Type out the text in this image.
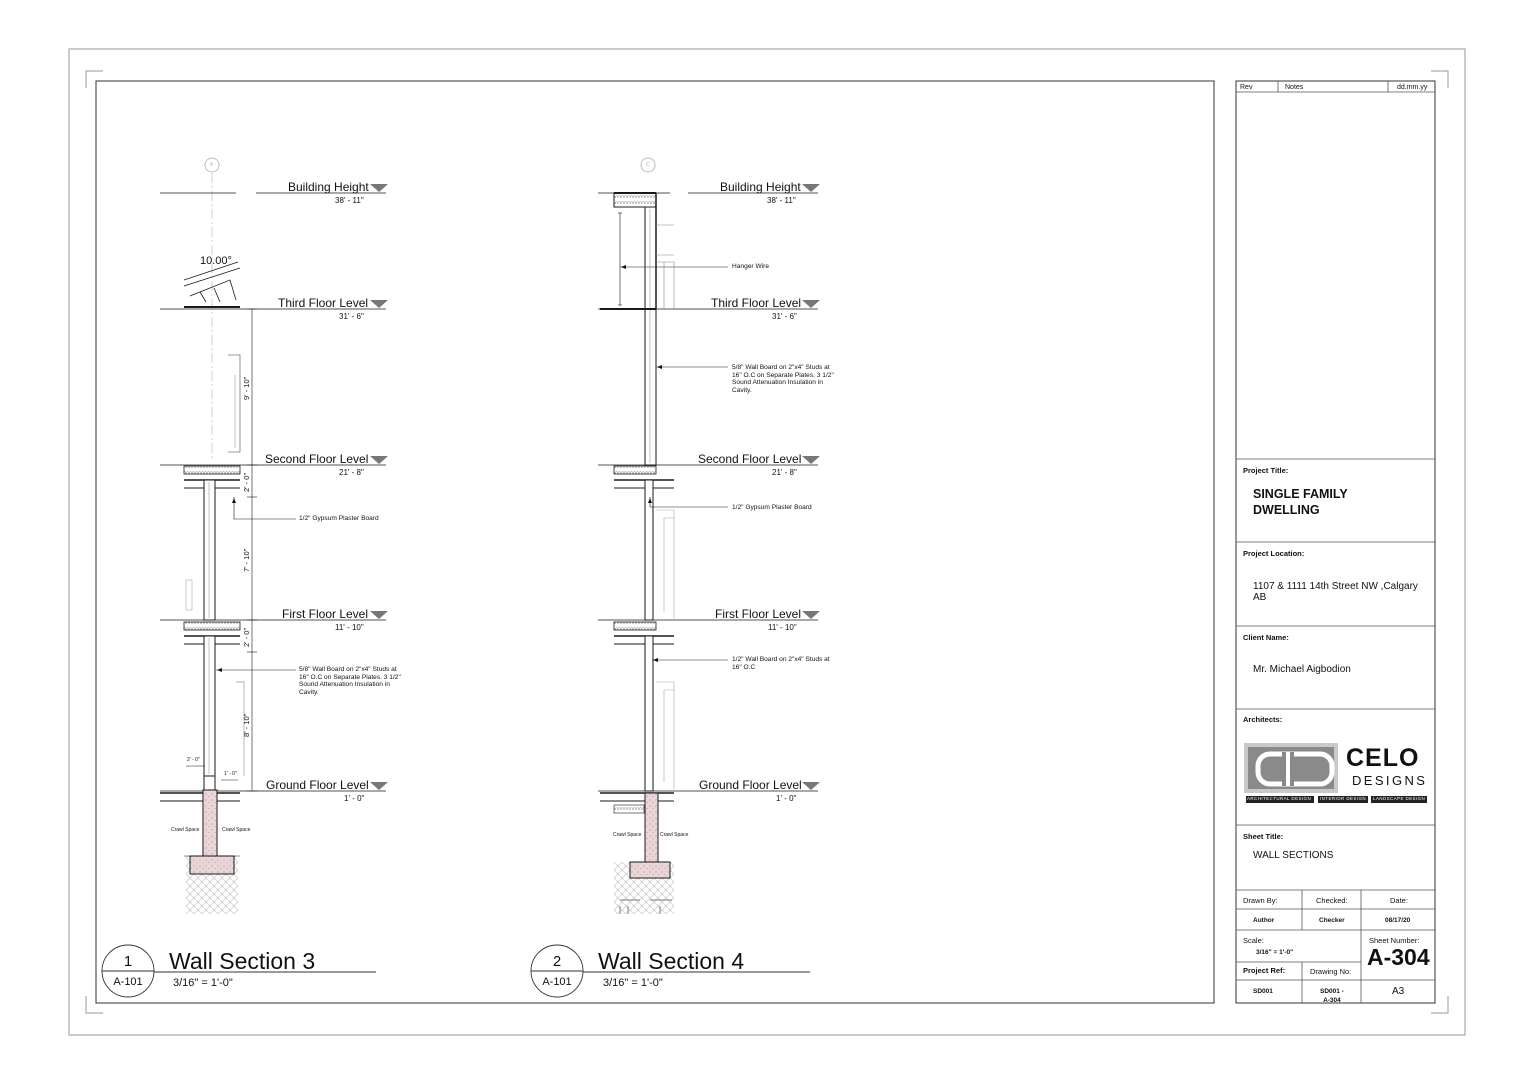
4
10.00°
Building Height
38' - 11"
Third Floor Level
31' - 6"
Second Floor Level
21' - 8"
First Floor Level
11' - 10"
Ground Floor Level
1' - 0"
9' - 10"
2' - 0"
7' - 10"
2' - 0"
8' - 10"
2' - 0"
1' - 0"
1/2" Gypsum Plaster Board
5/8" Wall Board on 2"x4" Studs at
16" O.C on Separate Plates. 3 1/2"
Sound Attenuation Insulation in
Cavity.
Crawl Space	Crawl Space
1
A-101
Wall Section 3
3/16" = 1'-0"
C
Building Height
38' - 11"
Third Floor Level
31' - 6"
Second Floor Level
21' - 8"
First Floor Level
11' - 10"
Ground Floor Level
1' - 0"
Hanger Wire
5/8" Wall Board on 2"x4" Studs at
16" O.C on Separate Plates. 3 1/2"
Sound Attenuation Insulation in
Cavity.
1/2" Gypsum Plaster Board
1/2" Wall Board on 2"x4" Studs at
16" O.C
Crawl Space	Crawl Space
2
A-101
Wall Section 4
3/16" = 1'-0"
Rev	Notes	dd.mm.yy
Project Title:
SINGLE FAMILY
DWELLING
Project Location:
1107 & 1111 14th Street NW ,Calgary
AB
Client Name:
Mr. Michael Aigbodion
Architects:
CELO
DESIGNS
ARCHITECTURAL DESIGN INTERIOR DESIGN LANDSCAPE DESIGN
Sheet Title:
WALL SECTIONS
Drawn By:	Checked:	Date:
Author	Checker	08/17/20
Scale:
3/16" = 1'-0"
Sheet Number:
A-304
Project Ref:	Drawing No:
SD001	SD001 -
A-304
A3
